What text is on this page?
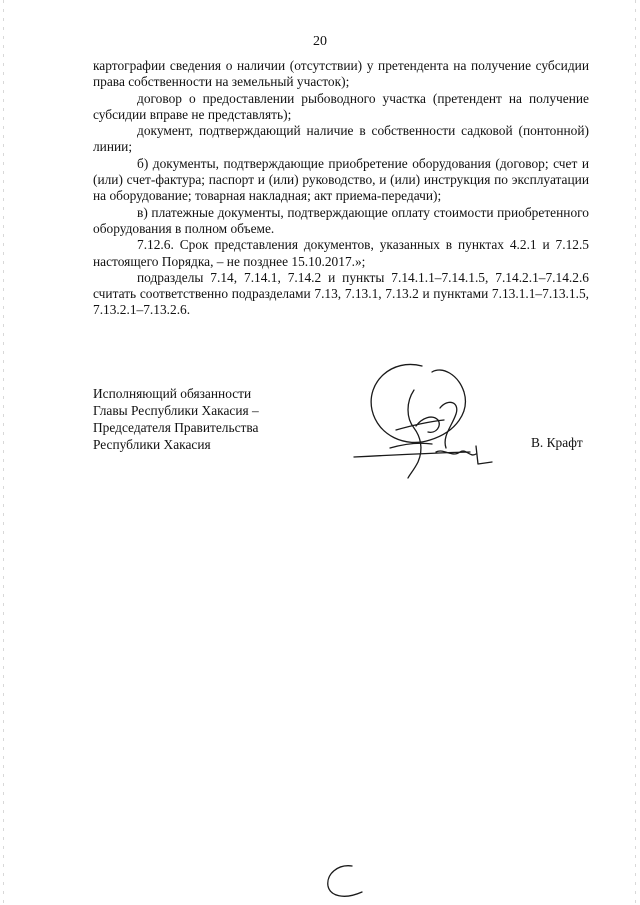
20

картографии сведения о наличии (отсутствии) у претендента на получение субсидии права собственности на земельный участок);

договор о предоставлении рыбоводного участка (претендент на получение субсидии вправе не представлять);

документ, подтверждающий наличие в собственности садковой (понтонной) линии;

б) документы, подтверждающие приобретение оборудования (договор; счет и (или) счет-фактура; паспорт и (или) руководство, и (или) инструкция по эксплуатации на оборудование; товарная накладная; акт приема-передачи);

в) платежные документы, подтверждающие оплату стоимости приобретенного оборудования в полном объеме.

7.12.6. Срок представления документов, указанных в пунктах 4.2.1 и 7.12.5 настоящего Порядка, – не позднее 15.10.2017.»;

подразделы 7.14, 7.14.1, 7.14.2 и пункты 7.14.1.1–7.14.1.5, 7.14.2.1–7.14.2.6 считать соответственно подразделами 7.13, 7.13.1, 7.13.2 и пунктами 7.13.1.1–7.13.1.5, 7.13.2.1–7.13.2.6.

Исполняющий обязанности
Главы Республики Хакасия –
Председателя Правительства
Республики Хакасия	В. Крафт
